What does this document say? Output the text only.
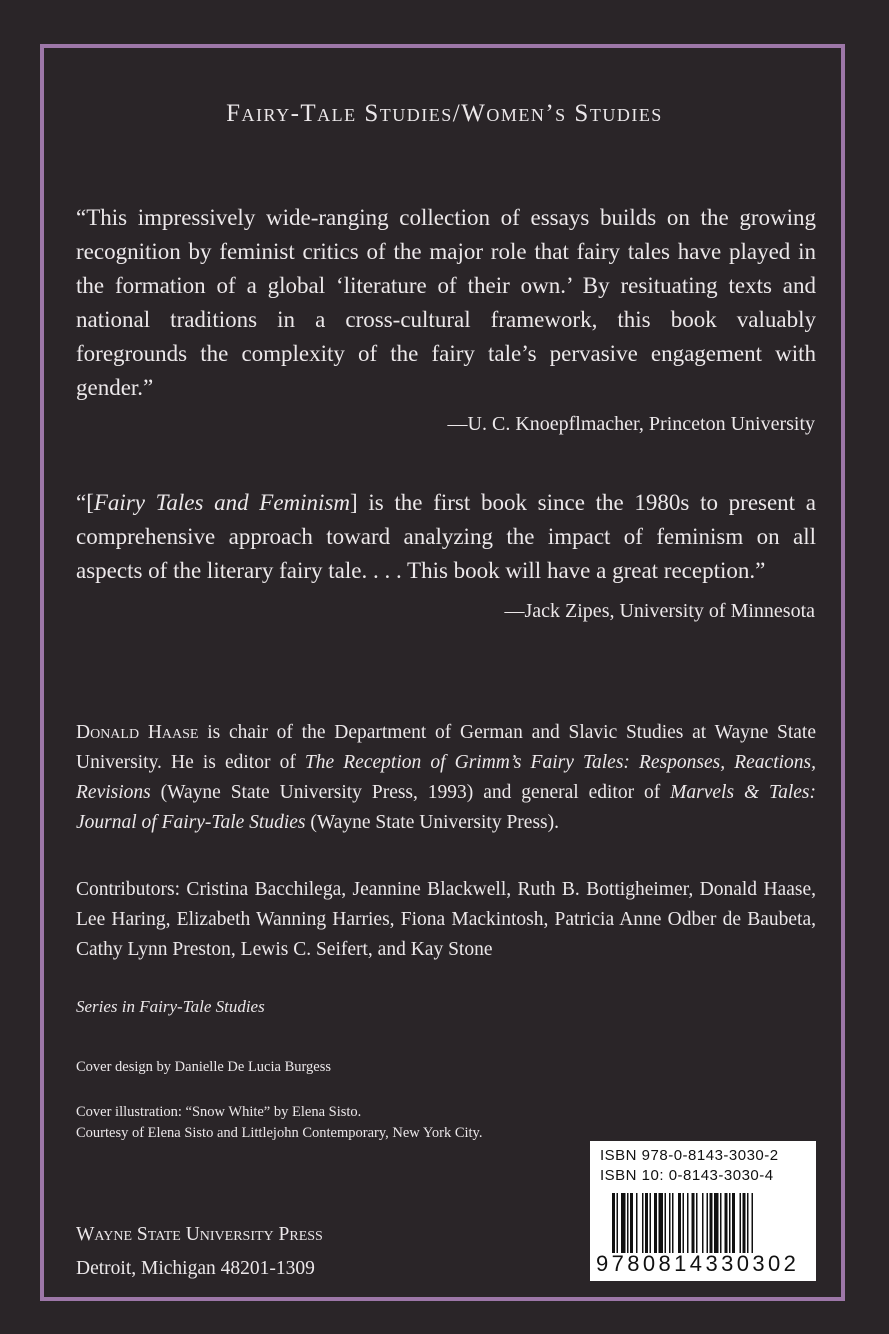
Fairy-Tale Studies/Women’s Studies
“This impressively wide-ranging collection of essays builds on the growing recognition by feminist critics of the major role that fairy tales have played in the formation of a global ‘literature of their own.’ By resituating texts and national traditions in a cross-cultural framework, this book valuably foregrounds the complexity of the fairy tale’s pervasive engagement with gender.”
—U. C. Knoepflmacher, Princeton University
“[Fairy Tales and Feminism] is the first book since the 1980s to present a comprehensive approach toward analyzing the impact of feminism on all aspects of the literary fairy tale. . . . This book will have a great reception.”
—Jack Zipes, University of Minnesota
Donald Haase is chair of the Department of German and Slavic Studies at Wayne State University. He is editor of The Reception of Grimm’s Fairy Tales: Responses, Reactions, Revisions (Wayne State University Press, 1993) and general editor of Marvels & Tales: Journal of Fairy-Tale Studies (Wayne State University Press).
Contributors: Cristina Bacchilega, Jeannine Blackwell, Ruth B. Bottigheimer, Donald Haase, Lee Haring, Elizabeth Wanning Harries, Fiona Mackintosh, Patricia Anne Odber de Baubeta, Cathy Lynn Preston, Lewis C. Seifert, and Kay Stone
Series in Fairy-Tale Studies
Cover design by Danielle De Lucia Burgess
Cover illustration: “Snow White” by Elena Sisto.
Courtesy of Elena Sisto and Littlejohn Contemporary, New York City.
Wayne State University Press
Detroit, Michigan 48201-1309
ISBN 978-0-8143-3030-2
ISBN 10: 0-8143-3030-4
9780814330302
